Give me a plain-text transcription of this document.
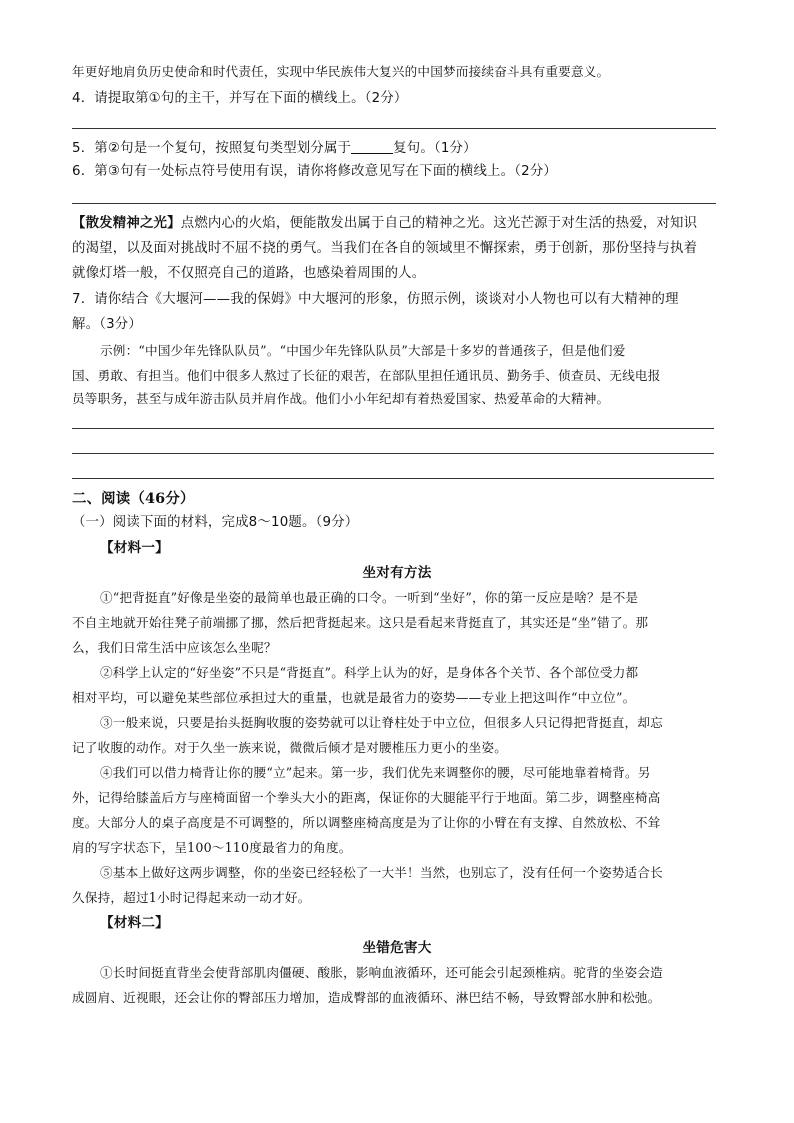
年更好地肩负历史使命和时代责任，实现中华民族伟大复兴的中国梦而接续奋斗具有重要意义。
4．请提取第①句的主干，并写在下面的横线上。（2分）
5．第②句是一个复句，按照复句类型划分属于	复句。（1分）
6．第③句有一处标点符号使用有误，请你将修改意见写在下面的横线上。（2分）
【散发精神之光】点燃内心的火焰，便能散发出属于自己的精神之光。这光芒源于对生活的热爱，对知识
的渴望，以及面对挑战时不屈不挠的勇气。当我们在各自的领域里不懈探索，勇于创新，那份坚持与执着
就像灯塔一般，不仅照亮自己的道路，也感染着周围的人。
7．请你结合《大堰河——我的保姆》中大堰河的形象，仿照示例，谈谈对小人物也可以有大精神的理
解。（3分）
示例：“中国少年先锋队队员”。“中国少年先锋队队员”大部是十多岁的普通孩子，但是他们爱
国、勇敢、有担当。他们中很多人熬过了长征的艰苦，在部队里担任通讯员、勤务手、侦查员、无线电报
员等职务，甚至与成年游击队员并肩作战。他们小小年纪却有着热爱国家、热爱革命的大精神。
二、阅读（46分）
（一）阅读下面的材料，完成8～10题。（9分）
【材料一】
坐对有方法
①“把背挺直”好像是坐姿的最简单也最正确的口令。一听到“坐好”，你的第一反应是啥？是不是
不自主地就开始往凳子前端挪了挪，然后把背挺起来。这只是看起来背挺直了，其实还是“坐”错了。那
么，我们日常生活中应该怎么坐呢？
②科学上认定的“好坐姿”不只是“背挺直”。科学上认为的好，是身体各个关节、各个部位受力都
相对平均，可以避免某些部位承担过大的重量，也就是最省力的姿势——专业上把这叫作“中立位”。
③一般来说，只要是抬头挺胸收腹的姿势就可以让脊柱处于中立位，但很多人只记得把背挺直，却忘
记了收腹的动作。对于久坐一族来说，微微后倾才是对腰椎压力更小的坐姿。
④我们可以借力椅背让你的腰“立”起来。第一步，我们优先来调整你的腰，尽可能地靠着椅背。另
外，记得给膝盖后方与座椅面留一个拳头大小的距离，保证你的大腿能平行于地面。第二步，调整座椅高
度。大部分人的桌子高度是不可调整的，所以调整座椅高度是为了让你的小臂在有支撑、自然放松、不耸
肩的写字状态下，呈100～110度最省力的角度。
⑤基本上做好这两步调整，你的坐姿已经轻松了一大半！当然，也别忘了，没有任何一个姿势适合长
久保持，超过1小时记得起来动一动才好。
【材料二】
坐错危害大
①长时间挺直背坐会使背部肌肉僵硬、酸胀，影响血液循环，还可能会引起颈椎病。驼背的坐姿会造
成圆肩、近视眼，还会让你的臀部压力增加，造成臀部的血液循环、淋巴结不畅，导致臀部水肿和松弛。
